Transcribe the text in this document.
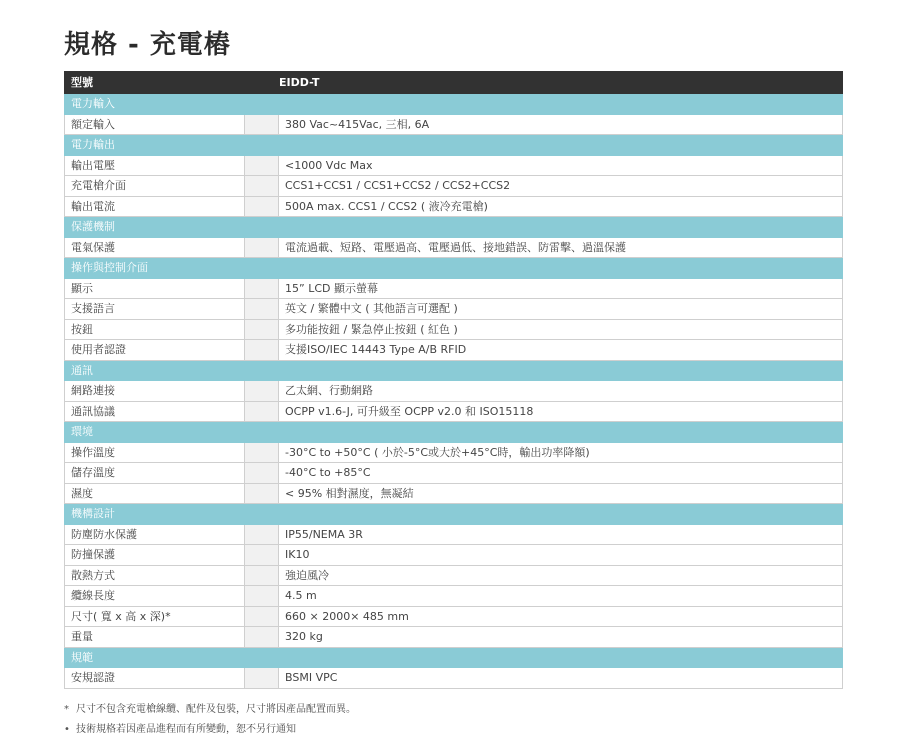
規格 - 充電樁
型號	EIDD-T	
電力輸入		
額定輸入		380 Vac~415Vac, 三相, 6A
電力輸出		
輸出電壓		<1000 Vdc Max
充電槍介面		CCS1+CCS1 / CCS1+CCS2 / CCS2+CCS2
輸出電流		500A max. CCS1 / CCS2 ( 液冷充電槍)
保護機制		
電氣保護		電流過載、短路、電壓過高、電壓過低、接地錯誤、防雷擊、過溫保護
操作與控制介面		
顯示		15” LCD 顯示螢幕
支援語言		英文 / 繁體中文 ( 其他語言可選配 )
按鈕		多功能按鈕 / 緊急停止按鈕 ( 紅色 )
使用者認證		支援ISO/IEC 14443 Type A/B RFID
通訊		
網路連接		乙太網、行動網路
通訊協議		OCPP v1.6-J, 可升級至 OCPP v2.0 和 ISO15118
環境		
操作溫度		-30°C to +50°C ( 小於-5°C或大於+45°C時，輸出功率降額)
儲存溫度		-40°C to +85°C
濕度		< 95% 相對濕度，無凝結
機構設計		
防塵防水保護		IP55/NEMA 3R
防撞保護		IK10
散熱方式		強迫風冷
纜線長度		4.5 m
尺寸( 寬 x 高 x 深)*		660 × 2000× 485 mm
重量		320 kg
規範		
安規認證		BSMI VPC
* 尺寸不包含充電槍線纜、配件及包裝，尺寸將因產品配置而異。
• 技術規格若因產品進程而有所變動，恕不另行通知
